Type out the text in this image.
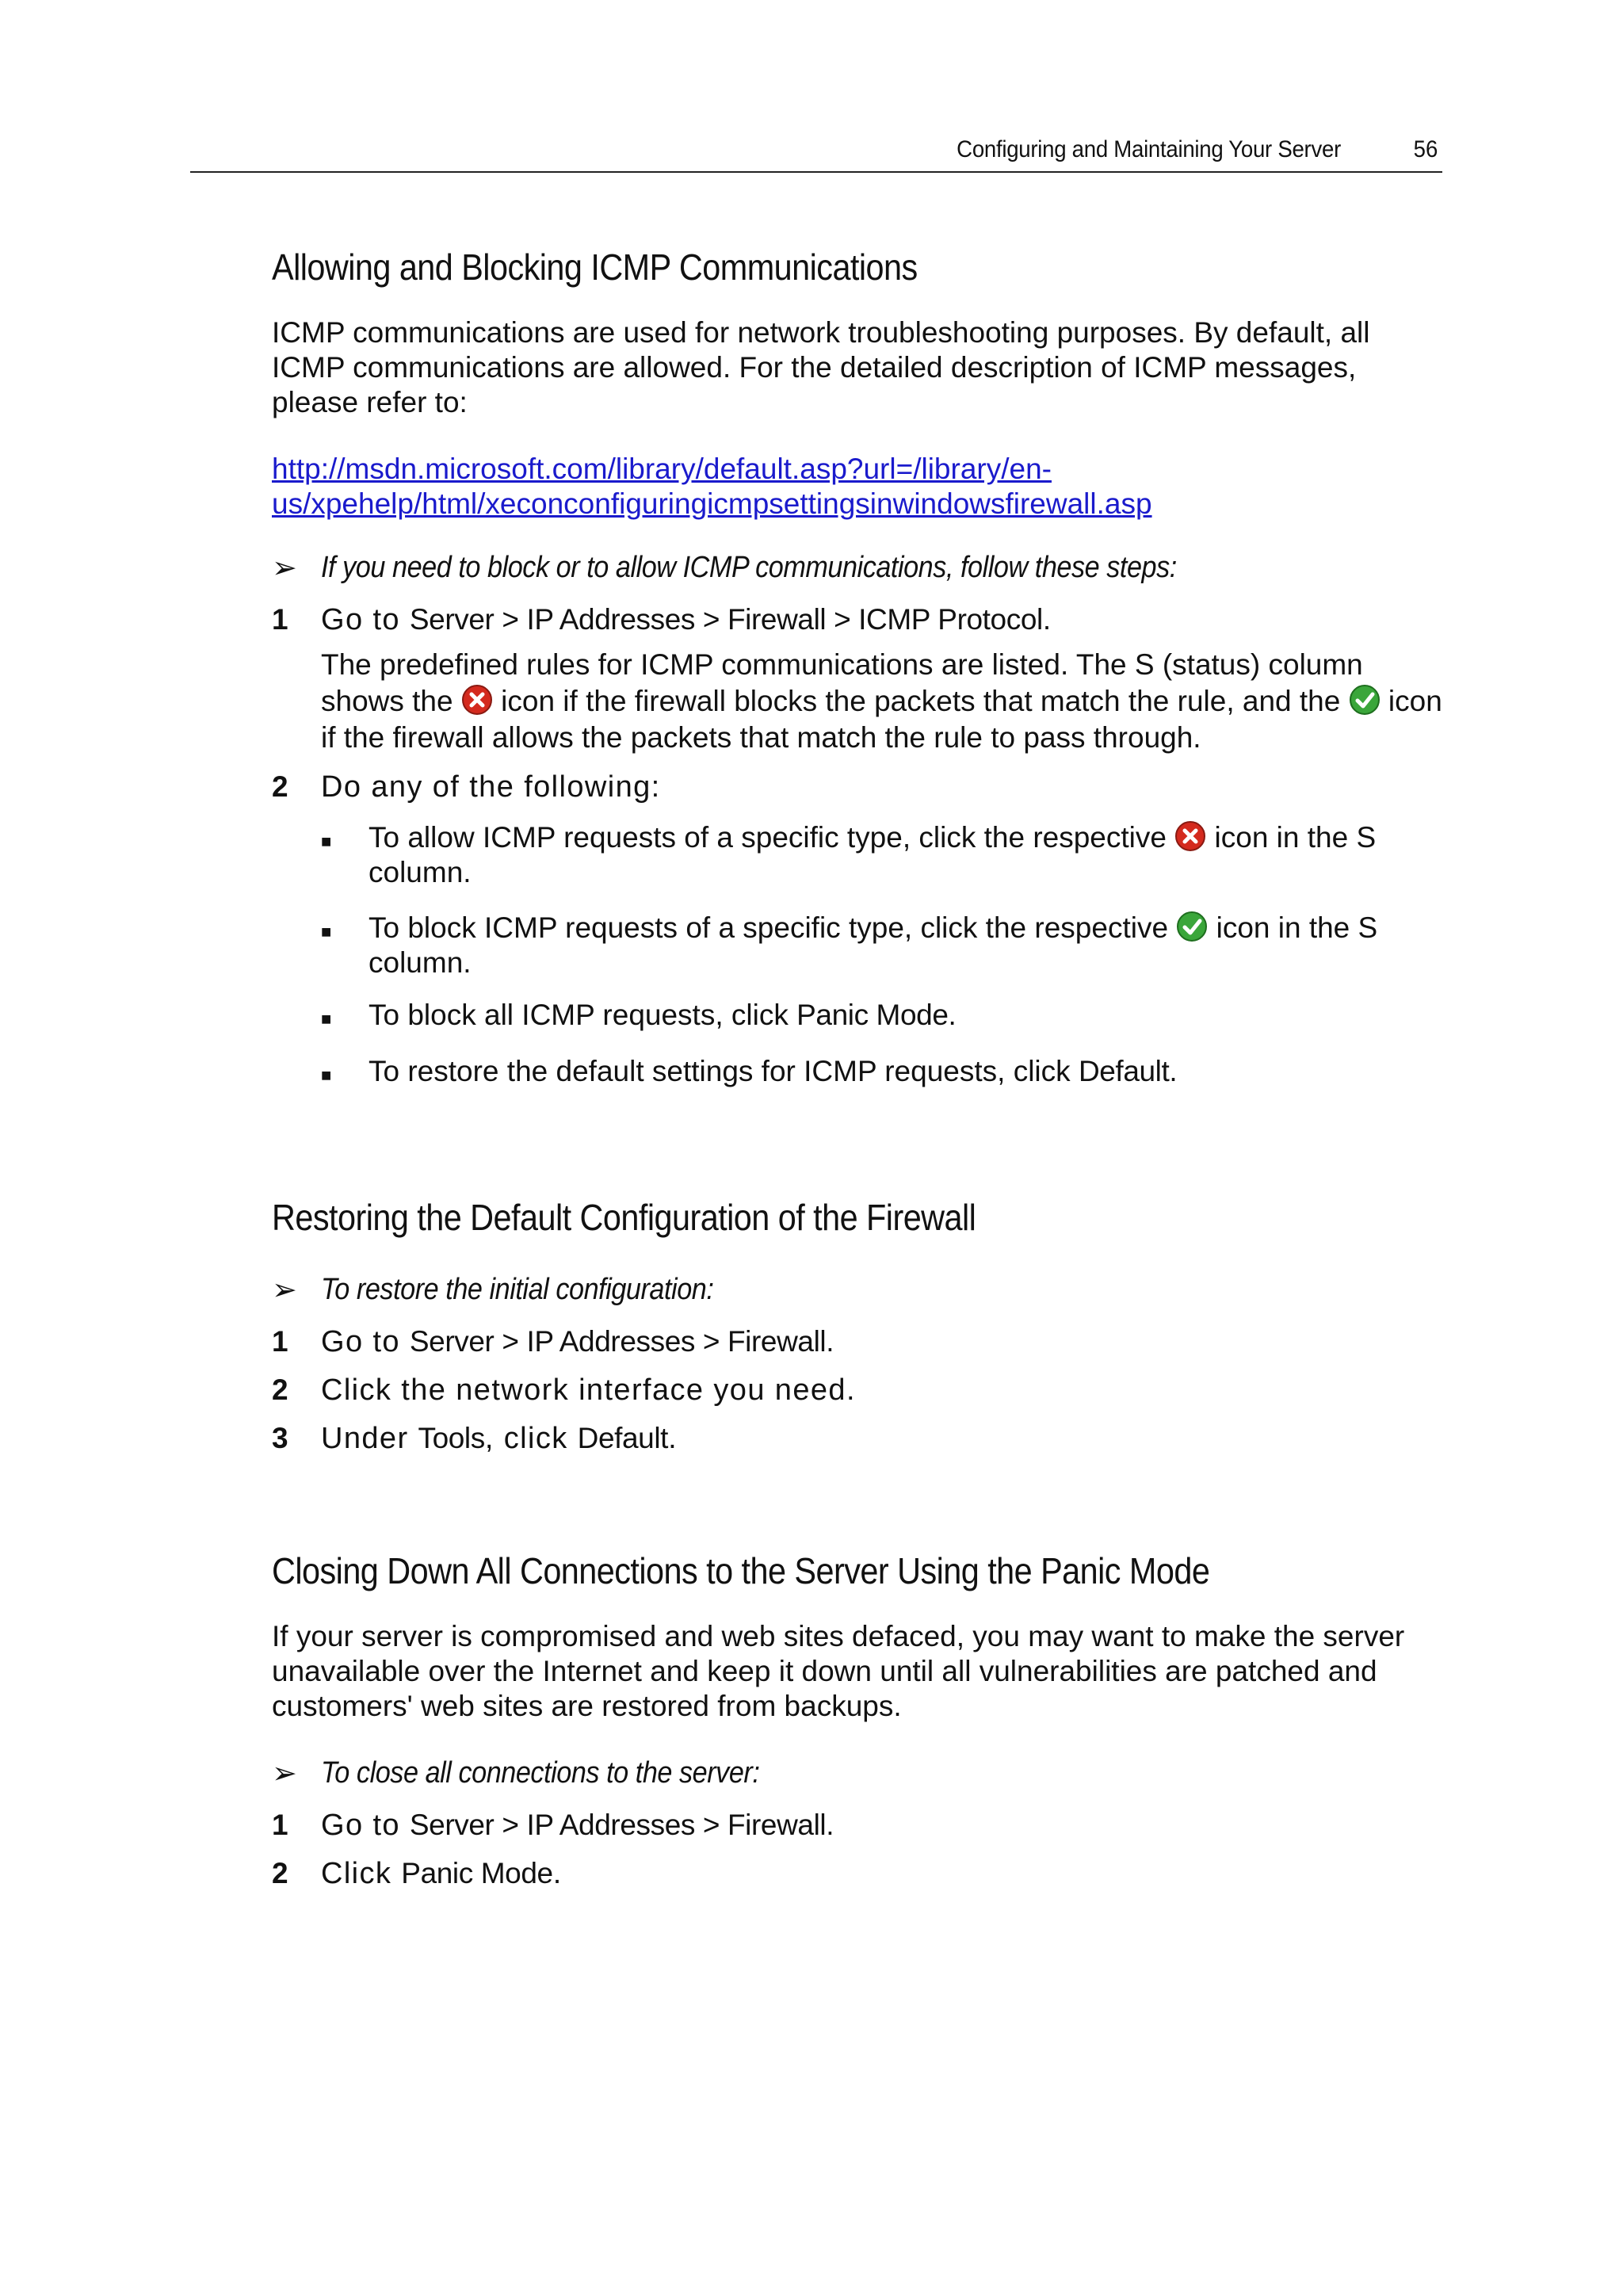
Configuring and Maintaining Your Server	56
Allowing and Blocking ICMP Communications

ICMP communications are used for network troubleshooting purposes. By default, all ICMP communications are allowed. For the detailed description of ICMP messages, please refer to:

http://msdn.microsoft.com/library/default.asp?url=/library/en-
us/xpehelp/html/xeconconfiguringicmpsettingsinwindowsfirewall.asp
➢ If you need to block or to allow ICMP communications, follow these steps:
1	Go to Server > IP Addresses > Firewall > ICMP Protocol.
The predefined rules for ICMP communications are listed. The S (status) column shows the  icon if the firewall blocks the packets that match the rule, and the  icon if the firewall allows the packets that match the rule to pass through.
2	Do any of the following:
■	To allow ICMP requests of a specific type, click the respective  icon in the S column.
■	To block ICMP requests of a specific type, click the respective  icon in the S column.
■	To block all ICMP requests, click Panic Mode.
■	To restore the default settings for ICMP requests, click Default.
Restoring the Default Configuration of the Firewall
➢ To restore the initial configuration:
1	Go to Server > IP Addresses > Firewall.
2	Click the network interface you need.
3	Under Tools, click Default.
Closing Down All Connections to the Server Using the Panic Mode

If your server is compromised and web sites defaced, you may want to make the server unavailable over the Internet and keep it down until all vulnerabilities are patched and customers' web sites are restored from backups.

➢ To close all connections to the server:
1	Go to Server > IP Addresses > Firewall.
2	Click Panic Mode.
